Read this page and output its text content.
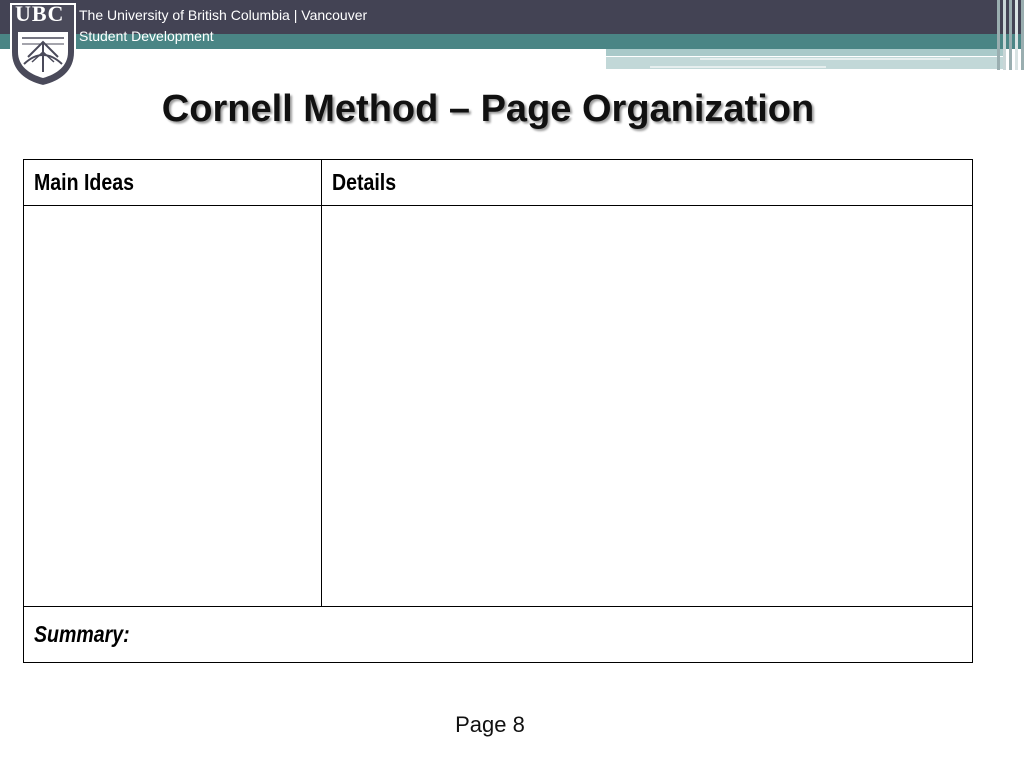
UBC The University of British Columbia | Vancouver
Student Development
Cornell Method – Page Organization
Main Ideas	Details

Summary:	
Page 8
